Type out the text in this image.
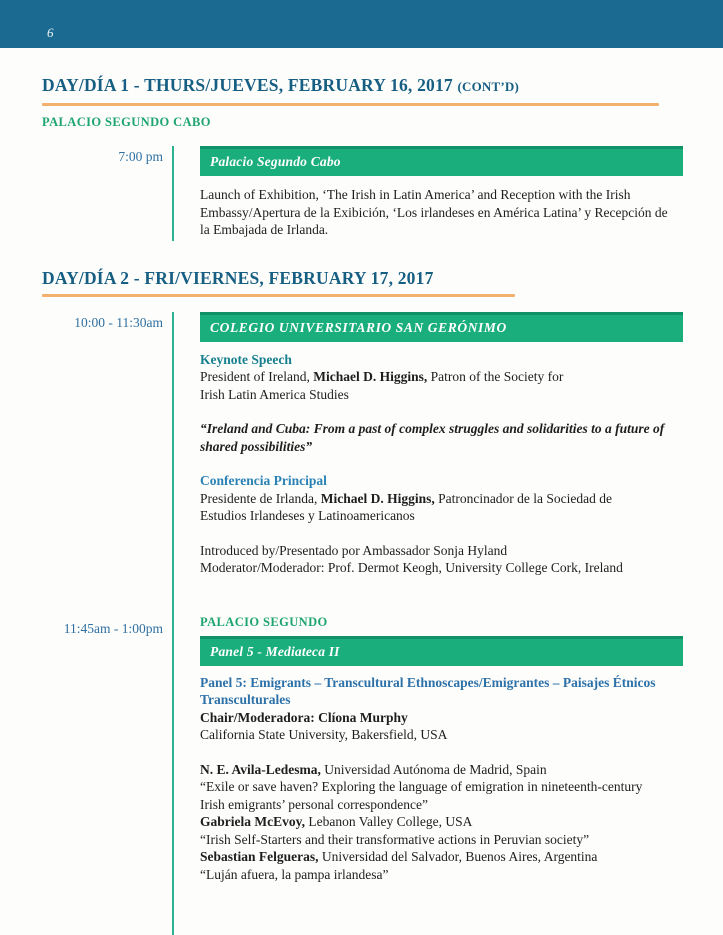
6
DAY/DÍA 1 - THURS/JUEVES, FEBRUARY 16, 2017 (CONT’D)
PALACIO SEGUNDO CABO
7:00 pm	Palacio Segundo Cabo

Launch of Exhibition, ‘The Irish in Latin America’ and Reception with the Irish Embassy/Apertura de la Exibición, ‘Los irlandeses en América Latina’ y Recepción de la Embajada de Irlanda.

DAY/DÍA 2 - FRI/VIERNES, FEBRUARY 17, 2017
10:00 - 11:30am
11:45am - 1:00pm
COLEGIO UNIVERSITARIO SAN GERÓNIMO
Keynote Speech
President of Ireland, Michael D. Higgins, Patron of the Society for
Irish Latin America Studies

“Ireland and Cuba: From a past of complex struggles and solidarities to a future of shared possibilities”

Conferencia Principal
Presidente de Irlanda, Michael D. Higgins, Patroncinador de la Sociedad de
Estudios Irlandeses y Latinoamericanos
Introduced by/Presentado por Ambassador Sonja Hyland
Moderator/Moderador: Prof. Dermot Keogh, University College Cork, Ireland
PALACIO SEGUNDO
Panel 5 - Mediateca II
Panel 5: Emigrants – Transcultural Ethnoscapes/Emigrantes – Paisajes Étnicos Transculturales
Chair/Moderadora: Clíona Murphy
California State University, Bakersfield, USA
N. E. Avila-Ledesma, Universidad Autónoma de Madrid, Spain
“Exile or save haven? Exploring the language of emigration in nineteenth-century Irish emigrants’ personal correspondence”
Gabriela McEvoy, Lebanon Valley College, USA
“Irish Self-Starters and their transformative actions in Peruvian society”
Sebastian Felgueras, Universidad del Salvador, Buenos Aires, Argentina
“Luján afuera, la pampa irlandesa”
